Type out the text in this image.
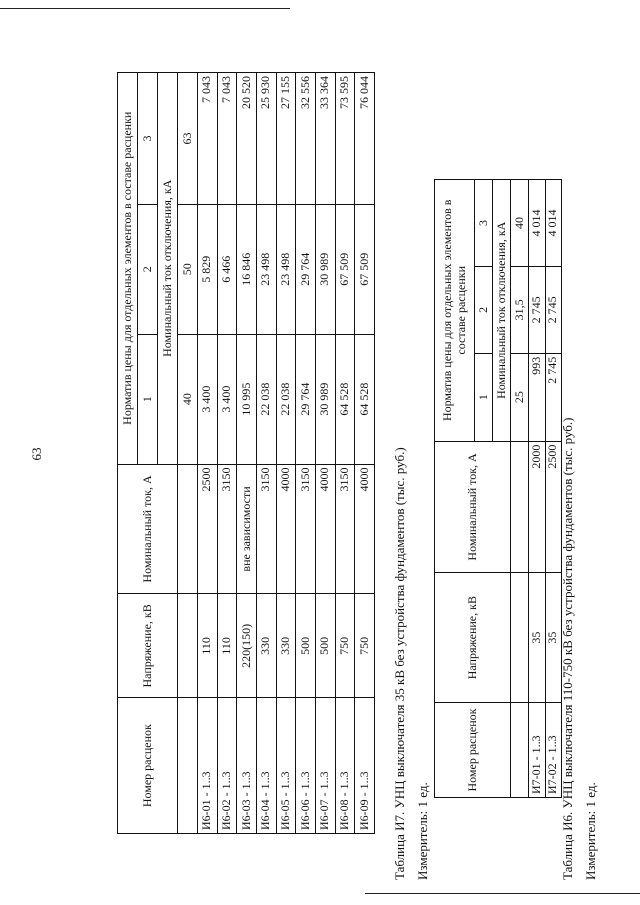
63	Таблица И6. УНЦ выключателя 110-750 кВ без устройства фундаментов (тыс. руб.) Измеритель: 1 ед.
Номер расценок	Напряжение, кВ	Номинальный ток, А	Норматив цены для отдельных элементов в составе расценки		
			1	2	3
			Номинальный ток отключения, кА		
			40	50	63
И6-01 - 1..3	110	2500	3 400	5 829	7 043
И6-02 - 1..3	110	3150	3 400	6 466	7 043
И6-03 - 1..3	220(150)	вне зависимости	10 995	16 846	20 520
И6-04 - 1..3	330	3150	22 038	23 498	25 930
И6-05 - 1..3	330	4000	22 038	23 498	27 155
И6-06 - 1..3	500	3150	29 764	29 764	32 556
И6-07 - 1..3	500	4000	30 989	30 989	33 364
И6-08 - 1..3	750	3150	64 528	67 509	73 595
И6-09 - 1..3	750	4000	64 528	67 509	76 044
Таблица И7. УНЦ выключателя 35 кВ без устройства фундаментов (тыс. руб.) Измеритель: 1 ед.
Номер расценок	Напряжение, кВ	Номинальный ток, А	Норматив цены для отдельных элементов в составе расценки		
			1	2	3
			Номинальный ток отключения, кА		
			25	31,5	40
И7-01 - 1..3	35	2000	993	2 745	4 014
И7-02 - 1..3	35	2500	2 745	2 745	4 014
